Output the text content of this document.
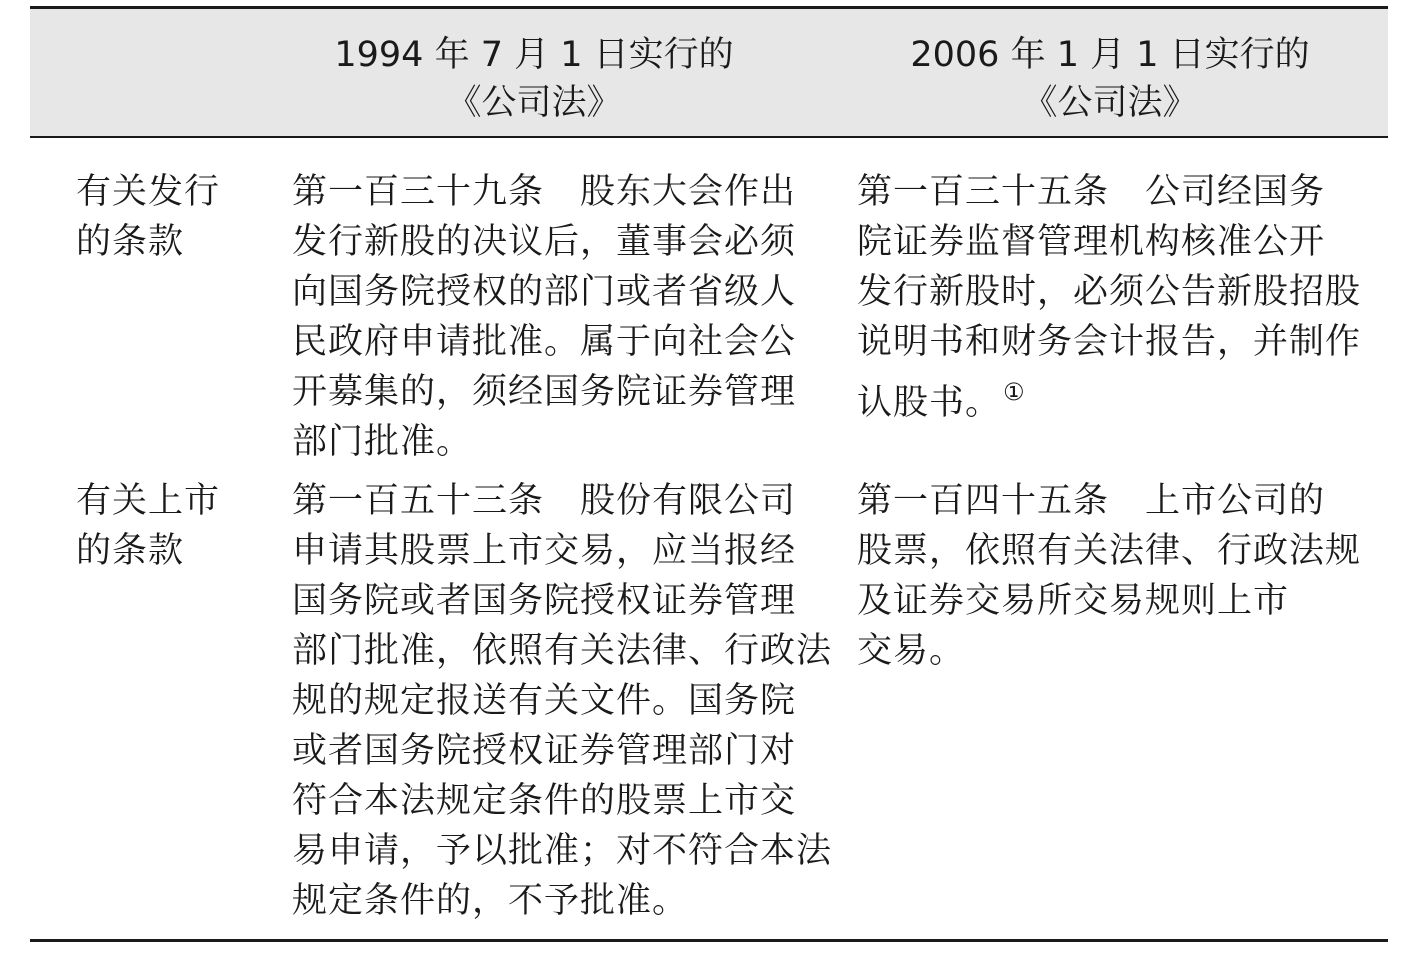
1994 年 7 月 1 日实行的
《公司法》
2006 年 1 月 1 日实行的
《公司法》
有关发行
的条款
第一百三十九条　股东大会作出
发行新股的决议后，董事会必须
向国务院授权的部门或者省级人
民政府申请批准。属于向社会公
开募集的，须经国务院证券管理
部门批准。
第一百三十五条　公司经国务
院证券监督管理机构核准公开
发行新股时，必须公告新股招股
说明书和财务会计报告，并制作
认股书。①
有关上市
的条款
第一百五十三条　股份有限公司
申请其股票上市交易，应当报经
国务院或者国务院授权证券管理
部门批准，依照有关法律、行政法
规的规定报送有关文件。国务院
或者国务院授权证券管理部门对
符合本法规定条件的股票上市交
易申请，予以批准；对不符合本法
规定条件的，不予批准。
第一百四十五条　上市公司的
股票，依照有关法律、行政法规
及证券交易所交易规则上市
交易。
